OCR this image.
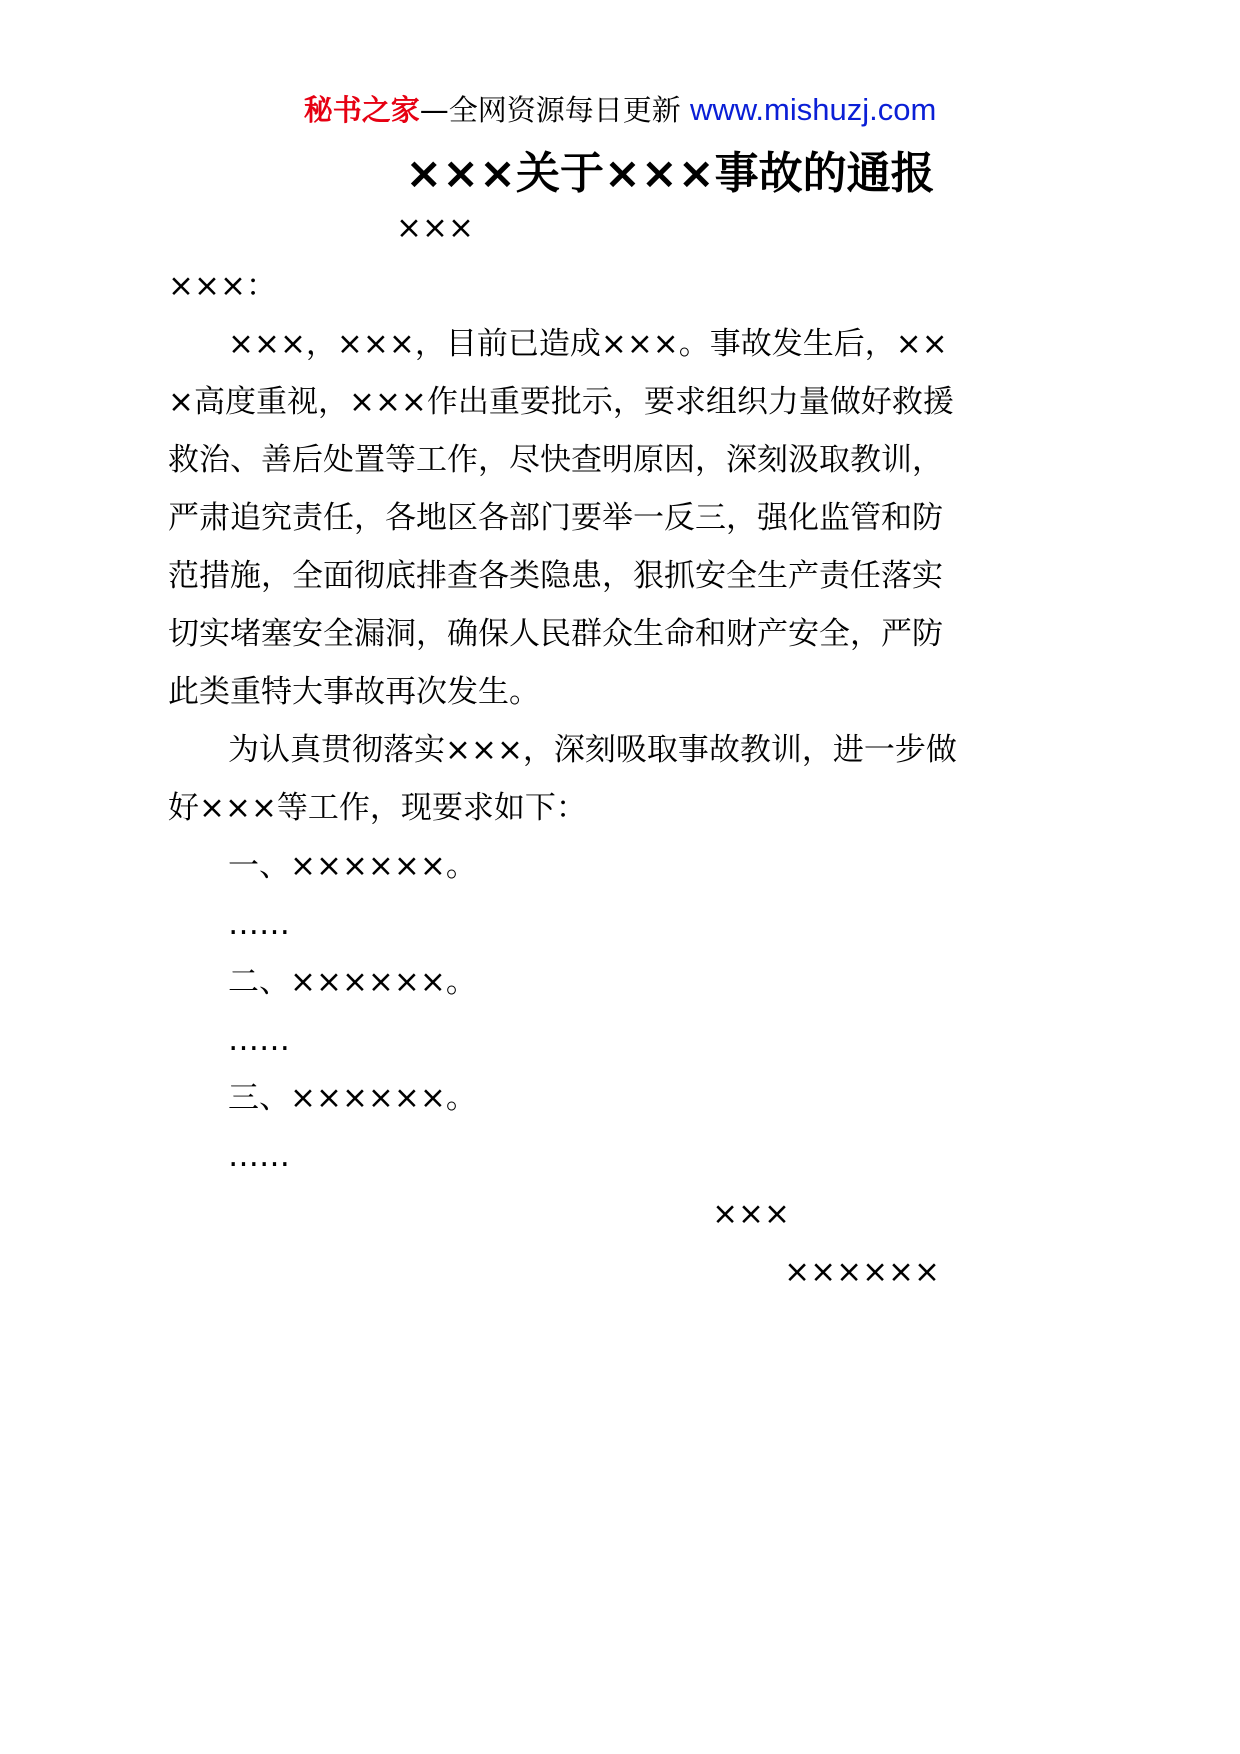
秘书之家—全网资源每日更新 www.mishuzj.com
×××关于×××事故的通报
×××
×××：
×××，×××，目前已造成×××。事故发生后，××
×高度重视，×××作出重要批示，要求组织力量做好救援
救治、善后处置等工作，尽快查明原因，深刻汲取教训，
严肃追究责任，各地区各部门要举一反三，强化监管和防
范措施，全面彻底排查各类隐患，狠抓安全生产责任落实
切实堵塞安全漏洞，确保人民群众生命和财产安全，严防
此类重特大事故再次发生。
为认真贯彻落实×××，深刻吸取事故教训，进一步做
好×××等工作，现要求如下：
一、××××××。
……
二、××××××。
……
三、××××××。
……
×××
××××××
